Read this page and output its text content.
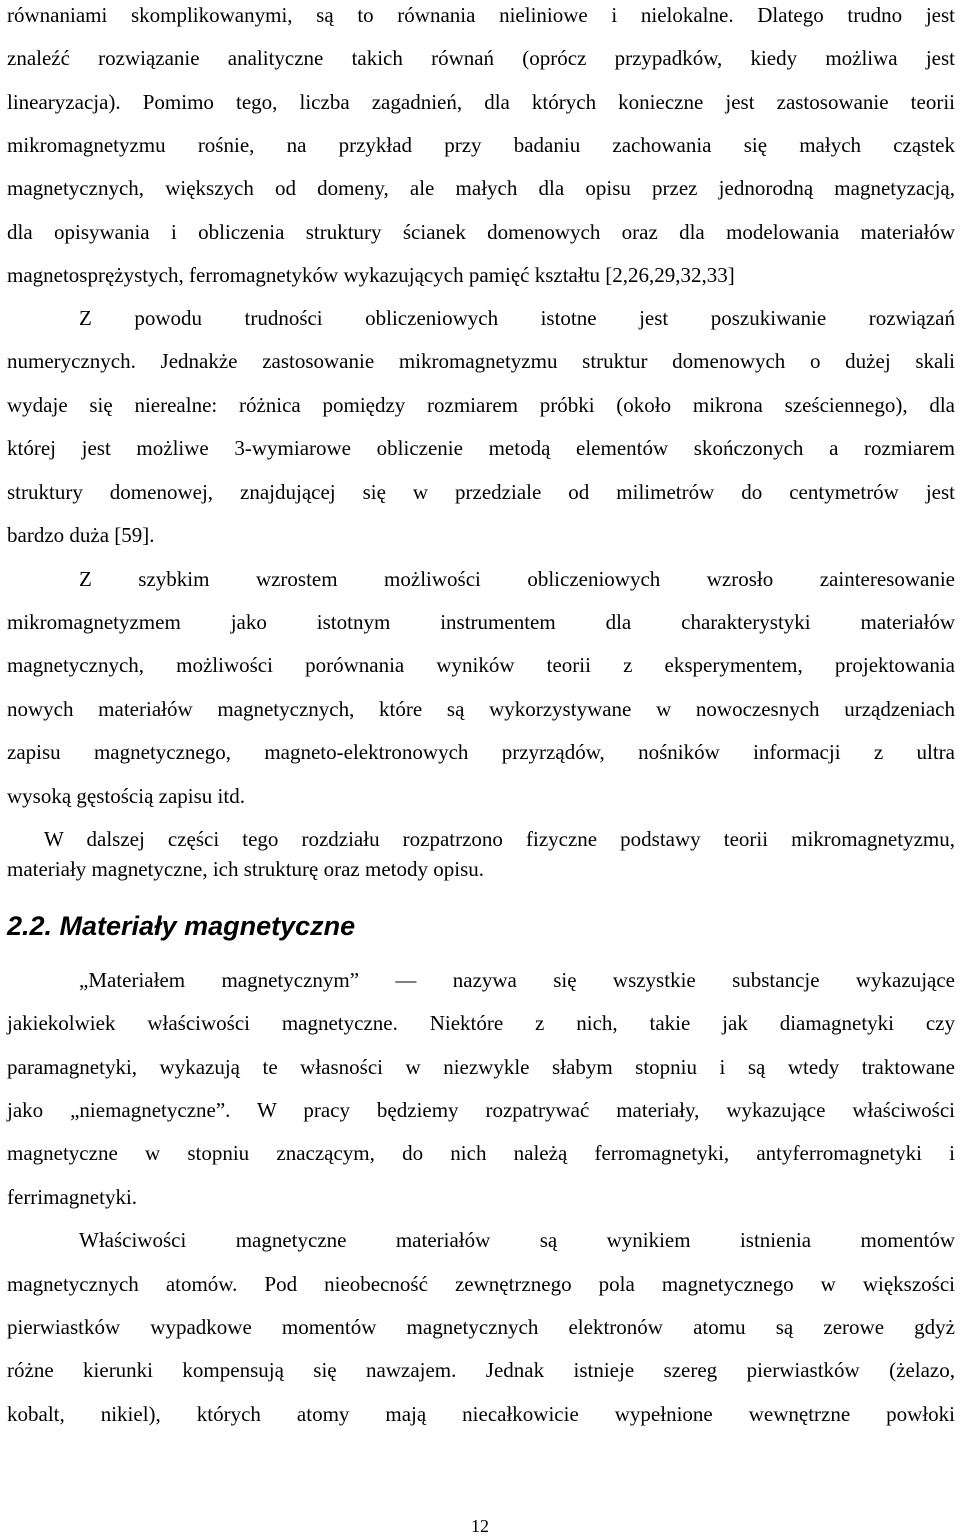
równaniami skomplikowanymi, są to równania nieliniowe i nielokalne. Dlatego trudno jest
znaleźć rozwiązanie analityczne takich równań (oprócz przypadków, kiedy możliwa jest
linearyzacja). Pomimo tego, liczba zagadnień, dla których konieczne jest zastosowanie teorii
mikromagnetyzmu rośnie, na przykład przy badaniu zachowania się małych cząstek
magnetycznych, większych od domeny, ale małych dla opisu przez jednorodną magnetyzacją,
dla opisywania i obliczenia struktury ścianek domenowych oraz dla modelowania materiałów
magnetosprężystych, ferromagnetyków wykazujących pamięć kształtu [2,26,29,32,33]
Z powodu trudności obliczeniowych istotne jest poszukiwanie rozwiązań
numerycznych. Jednakże zastosowanie mikromagnetyzmu struktur domenowych o dużej skali
wydaje się nierealne: różnica pomiędzy rozmiarem próbki (około mikrona sześciennego), dla
której jest możliwe 3-wymiarowe obliczenie metodą elementów skończonych a rozmiarem
struktury domenowej, znajdującej się w przedziale od milimetrów do centymetrów jest
bardzo duża [59].
Z szybkim wzrostem możliwości obliczeniowych wzrosło zainteresowanie
mikromagnetyzmem jako istotnym instrumentem dla charakterystyki materiałów
magnetycznych, możliwości porównania wyników teorii z eksperymentem, projektowania
nowych materiałów magnetycznych, które są wykorzystywane w nowoczesnych urządzeniach
zapisu magnetycznego, magneto-elektronowych przyrządów, nośników informacji z ultra
wysoką gęstością zapisu itd.
W dalszej części tego rozdziału rozpatrzono fizyczne podstawy teorii mikromagnetyzmu,
materiały magnetyczne, ich strukturę oraz metody opisu.
2.2. Materiały magnetyczne
„Materiałem magnetycznym” — nazywa się wszystkie substancje wykazujące
jakiekolwiek właściwości magnetyczne. Niektóre z nich, takie jak diamagnetyki czy
paramagnetyki, wykazują te własności w niezwykle słabym stopniu i są wtedy traktowane
jako „niemagnetyczne”. W pracy będziemy rozpatrywać materiały, wykazujące właściwości
magnetyczne w stopniu znaczącym, do nich należą ferromagnetyki, antyferromagnetyki i
ferrimagnetyki.
Właściwości magnetyczne materiałów są wynikiem istnienia momentów
magnetycznych atomów. Pod nieobecność zewnętrznego pola magnetycznego w większości
pierwiastków wypadkowe momentów magnetycznych elektronów atomu są zerowe gdyż
różne kierunki kompensują się nawzajem. Jednak istnieje szereg pierwiastków (żelazo,
kobalt, nikiel), których atomy mają niecałkowicie wypełnione wewnętrzne powłoki
12
